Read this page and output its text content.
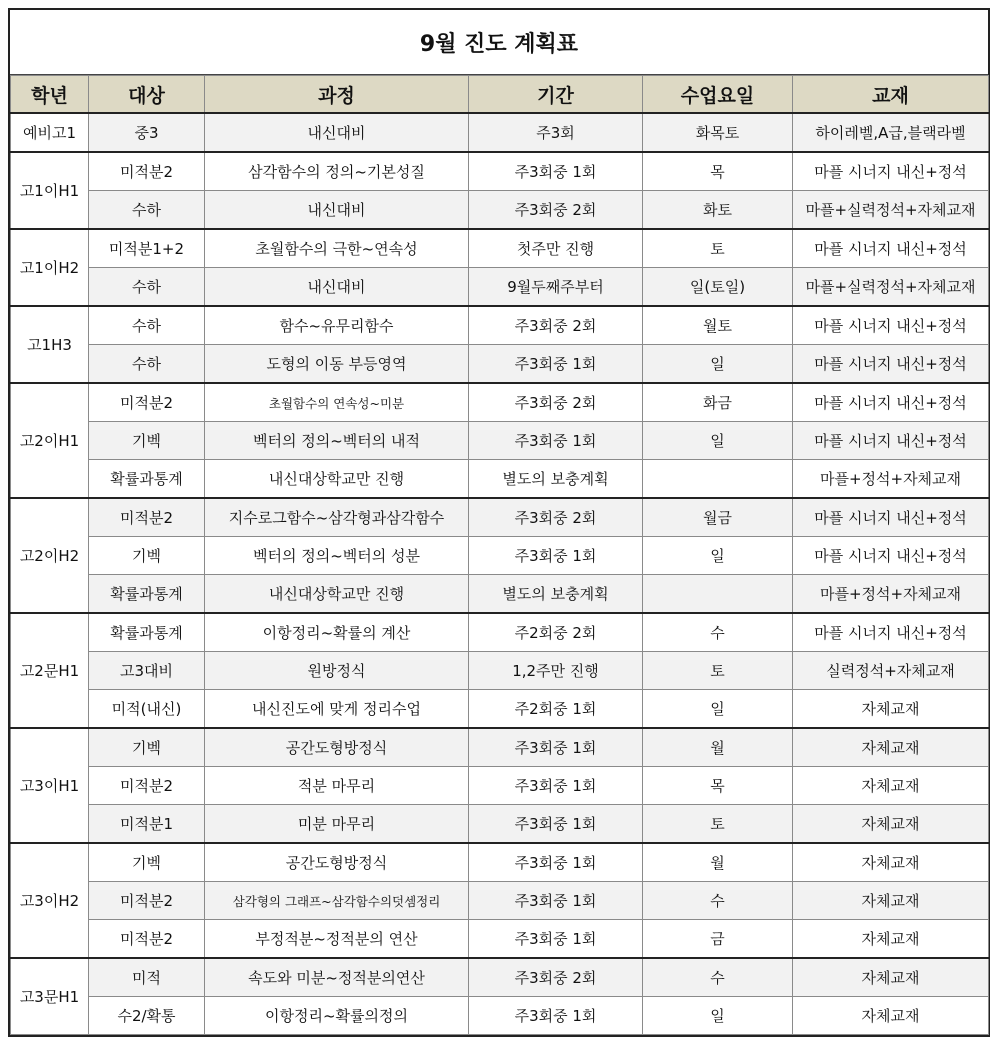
9월 진도 계획표
학년	대상	과정	기간	수업요일	교재
예비고1	중3	내신대비	주3회	화목토	하이레벨,A급,블랙라벨
고1이H1	미적분2	삼각함수의 정의~기본성질	주3회중 1회	목	마플 시너지 내신+정석
	수하	내신대비	주3회중 2회	화토	마플+실력정석+자체교재
고1이H2	미적분1+2	초월함수의 극한~연속성	첫주만 진행	토	마플 시너지 내신+정석
	수하	내신대비	9월두째주부터	일(토일)	마플+실력정석+자체교재
고1H3	수하	함수~유무리함수	주3회중 2회	월토	마플 시너지 내신+정석
	수하	도형의 이동 부등영역	주3회중 1회	일	마플 시너지 내신+정석
고2이H1	미적분2	초월함수의 연속성~미분	주3회중 2회	화금	마플 시너지 내신+정석
	기벡	벡터의 정의~벡터의 내적	주3회중 1회	일	마플 시너지 내신+정석
	확률과통계	내신대상학교만 진행	별도의 보충계획		마플+정석+자체교재
고2이H2	미적분2	지수로그함수~삼각형과삼각함수	주3회중 2회	월금	마플 시너지 내신+정석
	기벡	벡터의 정의~벡터의 성분	주3회중 1회	일	마플 시너지 내신+정석
	확률과통계	내신대상학교만 진행	별도의 보충계획		마플+정석+자체교재
고2문H1	확률과통계	이항정리~확률의 계산	주2회중 2회	수	마플 시너지 내신+정석
	고3대비	원방정식	1,2주만 진행	토	실력정석+자체교재
	미적(내신)	내신진도에 맞게 정리수업	주2회중 1회	일	자체교재
고3이H1	기벡	공간도형방정식	주3회중 1회	월	자체교재
	미적분2	적분 마무리	주3회중 1회	목	자체교재
	미적분1	미분 마무리	주3회중 1회	토	자체교재
고3이H2	기벡	공간도형방정식	주3회중 1회	월	자체교재
	미적분2	삼각형의 그래프~삼각함수의덧셈정리	주3회중 1회	수	자체교재
	미적분2	부정적분~정적분의 연산	주3회중 1회	금	자체교재
고3문H1	미적	속도와 미분~정적분의연산	주3회중 2회	수	자체교재
	수2/확통	이항정리~확률의정의	주3회중 1회	일	자체교재
